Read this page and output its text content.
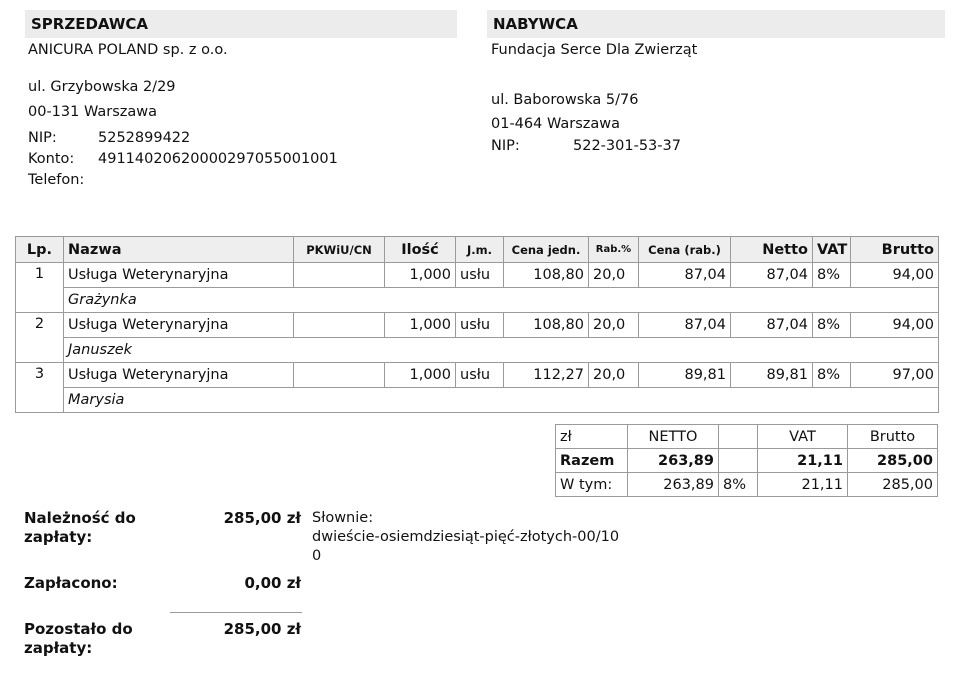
SPRZEDAWCA
ANICURA POLAND sp. z o.o.
ul. Grzybowska 2/29
00-131 Warszawa
NIP:	5252899422
Konto: 49114020620000297055001001
Telefon:
NABYWCA
Fundacja Serce Dla Zwierząt
ul. Baborowska 5/76
01-464 Warszawa
NIP:	522-301-53-37
Lp.	Nazwa	PKWiU/CN	Ilość	J.m.	Cena jedn.	Rab.%	Cena (rab.)	Netto	VAT	Brutto
1	Usługa Weterynaryjna		1,000	usłu	108,80	20,0	87,04	87,04	8%	94,00
	Grażynka									
2	Usługa Weterynaryjna		1,000	usłu	108,80	20,0	87,04	87,04	8%	94,00
	Januszek									
3	Usługa Weterynaryjna		1,000	usłu	112,27	20,0	89,81	89,81	8%	97,00
	Marysia									
zł	NETTO		VAT	Brutto
Razem	263,89		21,11	285,00
W tym:	263,89	8%	21,11	285,00
Należność do
zapłaty:
285,00 zł Słownie:
dwieście-osiemdziesiąt-pięć-złotych-00/10
0
Zapłacono:	0,00 zł
Pozostało do
zapłaty:
285,00 zł
